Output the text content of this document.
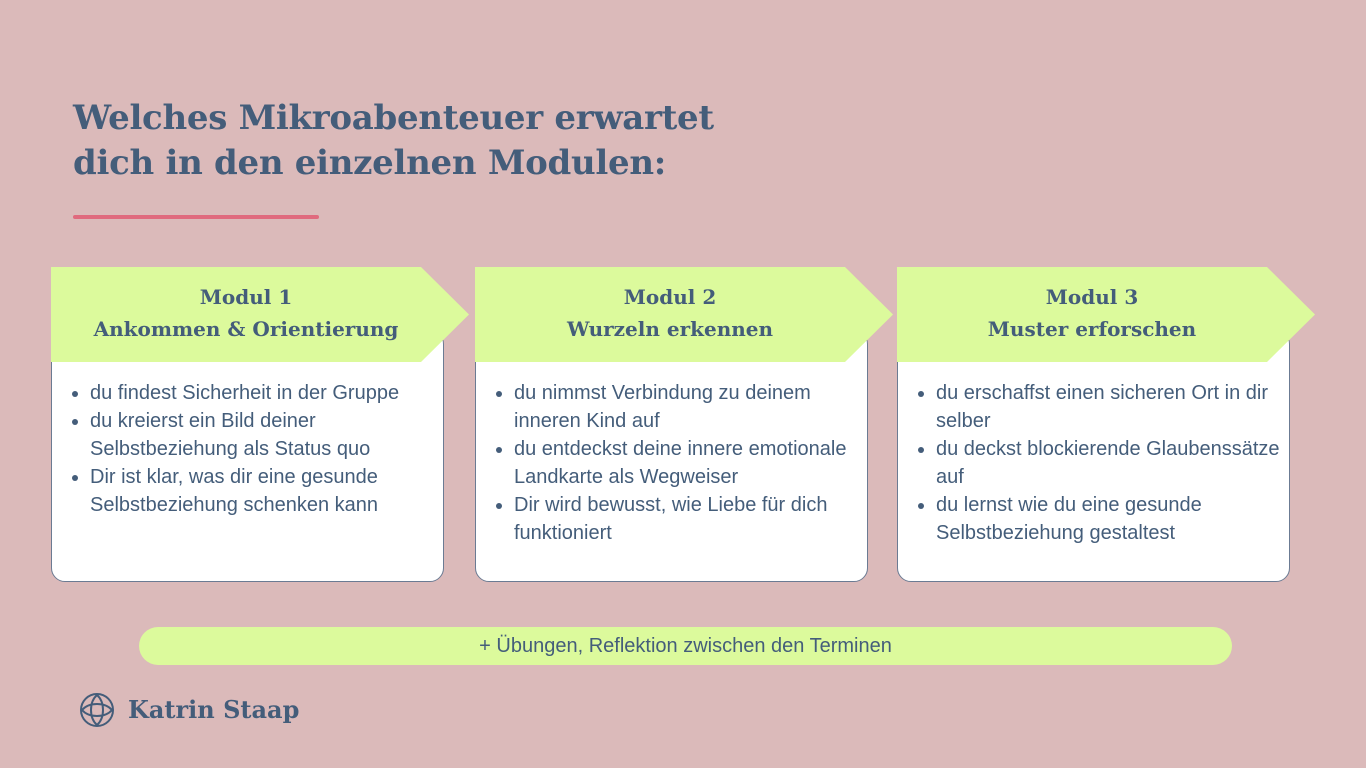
Welches Mikroabenteuer erwartet
dich in den einzelnen Modulen:
du findest Sicherheit in der Gruppe
du kreierst ein Bild deiner Selbstbeziehung als Status quo
Dir ist klar, was dir eine gesunde Selbstbeziehung schenken kann
Modul 1
Ankommen & Orientierung
du nimmst Verbindung zu deinem inneren Kind auf
du entdeckst deine innere emotionale Landkarte als Wegweiser
Dir wird bewusst, wie Liebe für dich funktioniert
Modul 2
Wurzeln erkennen
du erschaffst einen sicheren Ort in dir selber
du deckst blockierende Glaubenssätze auf
du lernst wie du eine gesunde Selbstbeziehung gestaltest
Modul 3
Muster erforschen
+ Übungen, Reflektion zwischen den Terminen
Katrin Staap
